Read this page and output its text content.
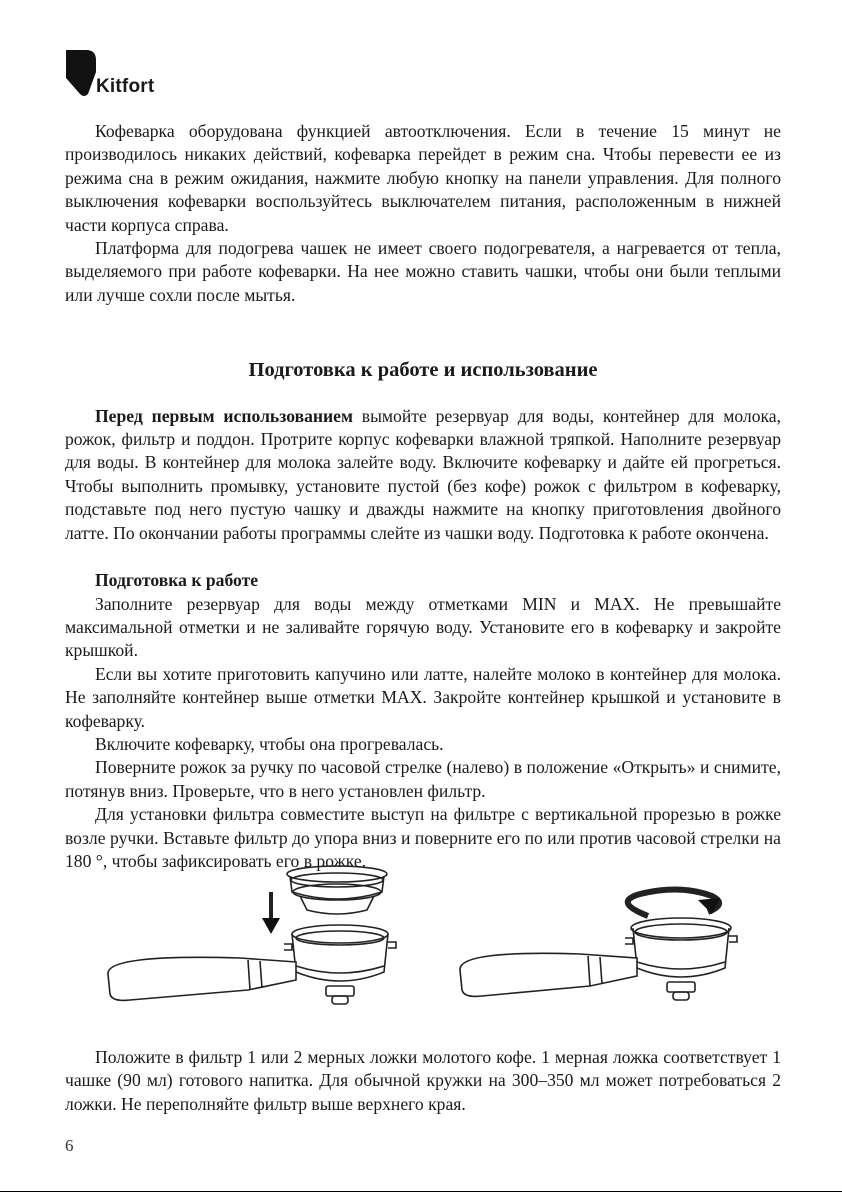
Kitfort

Кофеварка оборудована функцией автоотключения. Если в течение 15 минут не производилось никаких действий, кофеварка перейдет в режим сна. Чтобы перевести ее из режима сна в режим ожидания, нажмите любую кнопку на панели управления. Для полного выключения кофеварки воспользуйтесь выключателем питания, расположенным в нижней части корпуса справа.

Платформа для подогрева чашек не имеет своего подогревателя, а нагревается от тепла, выделяемого при работе кофеварки. На нее можно ставить чашки, чтобы они были теплыми или лучше сохли после мытья.

Подготовка к работе и использование

Перед первым использованием вымойте резервуар для воды, контейнер для молока, рожок, фильтр и поддон. Протрите корпус кофеварки влажной тряпкой. Наполните резервуар для воды. В контейнер для молока залейте воду. Включите кофеварку и дайте ей прогреться. Чтобы выполнить промывку, установите пустой (без кофе) рожок с фильтром в кофеварку, подставьте под него пустую чашку и дважды нажмите на кнопку приготовления двойного латте. По окончании работы программы слейте из чашки воду. Подготовка к работе окончена.

Подготовка к работе

Заполните резервуар для воды между отметками MIN и MAX. Не превышайте максимальной отметки и не заливайте горячую воду. Установите его в кофеварку и закройте крышкой.

Если вы хотите приготовить капучино или латте, налейте молоко в контейнер для молока. Не заполняйте контейнер выше отметки MAX. Закройте контейнер крышкой и установите в кофеварку.

Включите кофеварку, чтобы она прогревалась.

Поверните рожок за ручку по часовой стрелке (налево) в положение «Открыть» и снимите, потянув вниз. Проверьте, что в него установлен фильтр.

Для установки фильтра совместите выступ на фильтре с вертикальной прорезью в рожке возле ручки. Вставьте фильтр до упора вниз и поверните его по или против часовой стрелки на 180 °, чтобы зафиксировать его в рожке.

Положите в фильтр 1 или 2 мерных ложки молотого кофе. 1 мерная ложка соответствует 1 чашке (90 мл) готового напитка. Для обычной кружки на 300–350 мл может потребоваться 2 ложки. Не переполняйте фильтр выше верхнего края.

6
